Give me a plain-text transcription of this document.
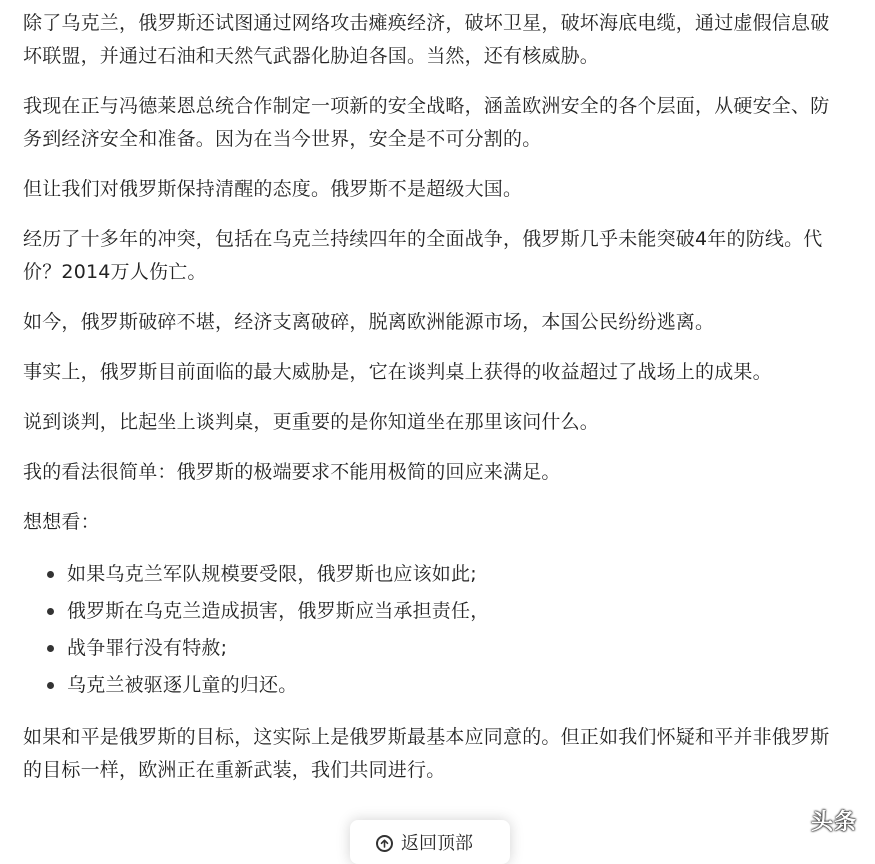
除了乌克兰，俄罗斯还试图通过网络攻击瘫痪经济，破坏卫星，破坏海底电缆，通过虚假信息破坏联盟，并通过石油和天然气武器化胁迫各国。当然，还有核威胁。

我现在正与冯德莱恩总统合作制定一项新的安全战略，涵盖欧洲安全的各个层面，从硬安全、防务到经济安全和准备。因为在当今世界，安全是不可分割的。

但让我们对俄罗斯保持清醒的态度。俄罗斯不是超级大国。

经历了十多年的冲突，包括在乌克兰持续四年的全面战争，俄罗斯几乎未能突破4年的防线。代价？2014万人伤亡。

如今，俄罗斯破碎不堪，经济支离破碎，脱离欧洲能源市场，本国公民纷纷逃离。

事实上，俄罗斯目前面临的最大威胁是，它在谈判桌上获得的收益超过了战场上的成果。

说到谈判，比起坐上谈判桌，更重要的是你知道坐在那里该问什么。

我的看法很简单：俄罗斯的极端要求不能用极简的回应来满足。

想想看：

如果乌克兰军队规模要受限，俄罗斯也应该如此;
俄罗斯在乌克兰造成损害，俄罗斯应当承担责任，
战争罪行没有特赦;
乌克兰被驱逐儿童的归还。

如果和平是俄罗斯的目标，这实际上是俄罗斯最基本应同意的。但正如我们怀疑和平并非俄罗斯的目标一样，欧洲正在重新武装，我们共同进行。

返回顶部
头条
